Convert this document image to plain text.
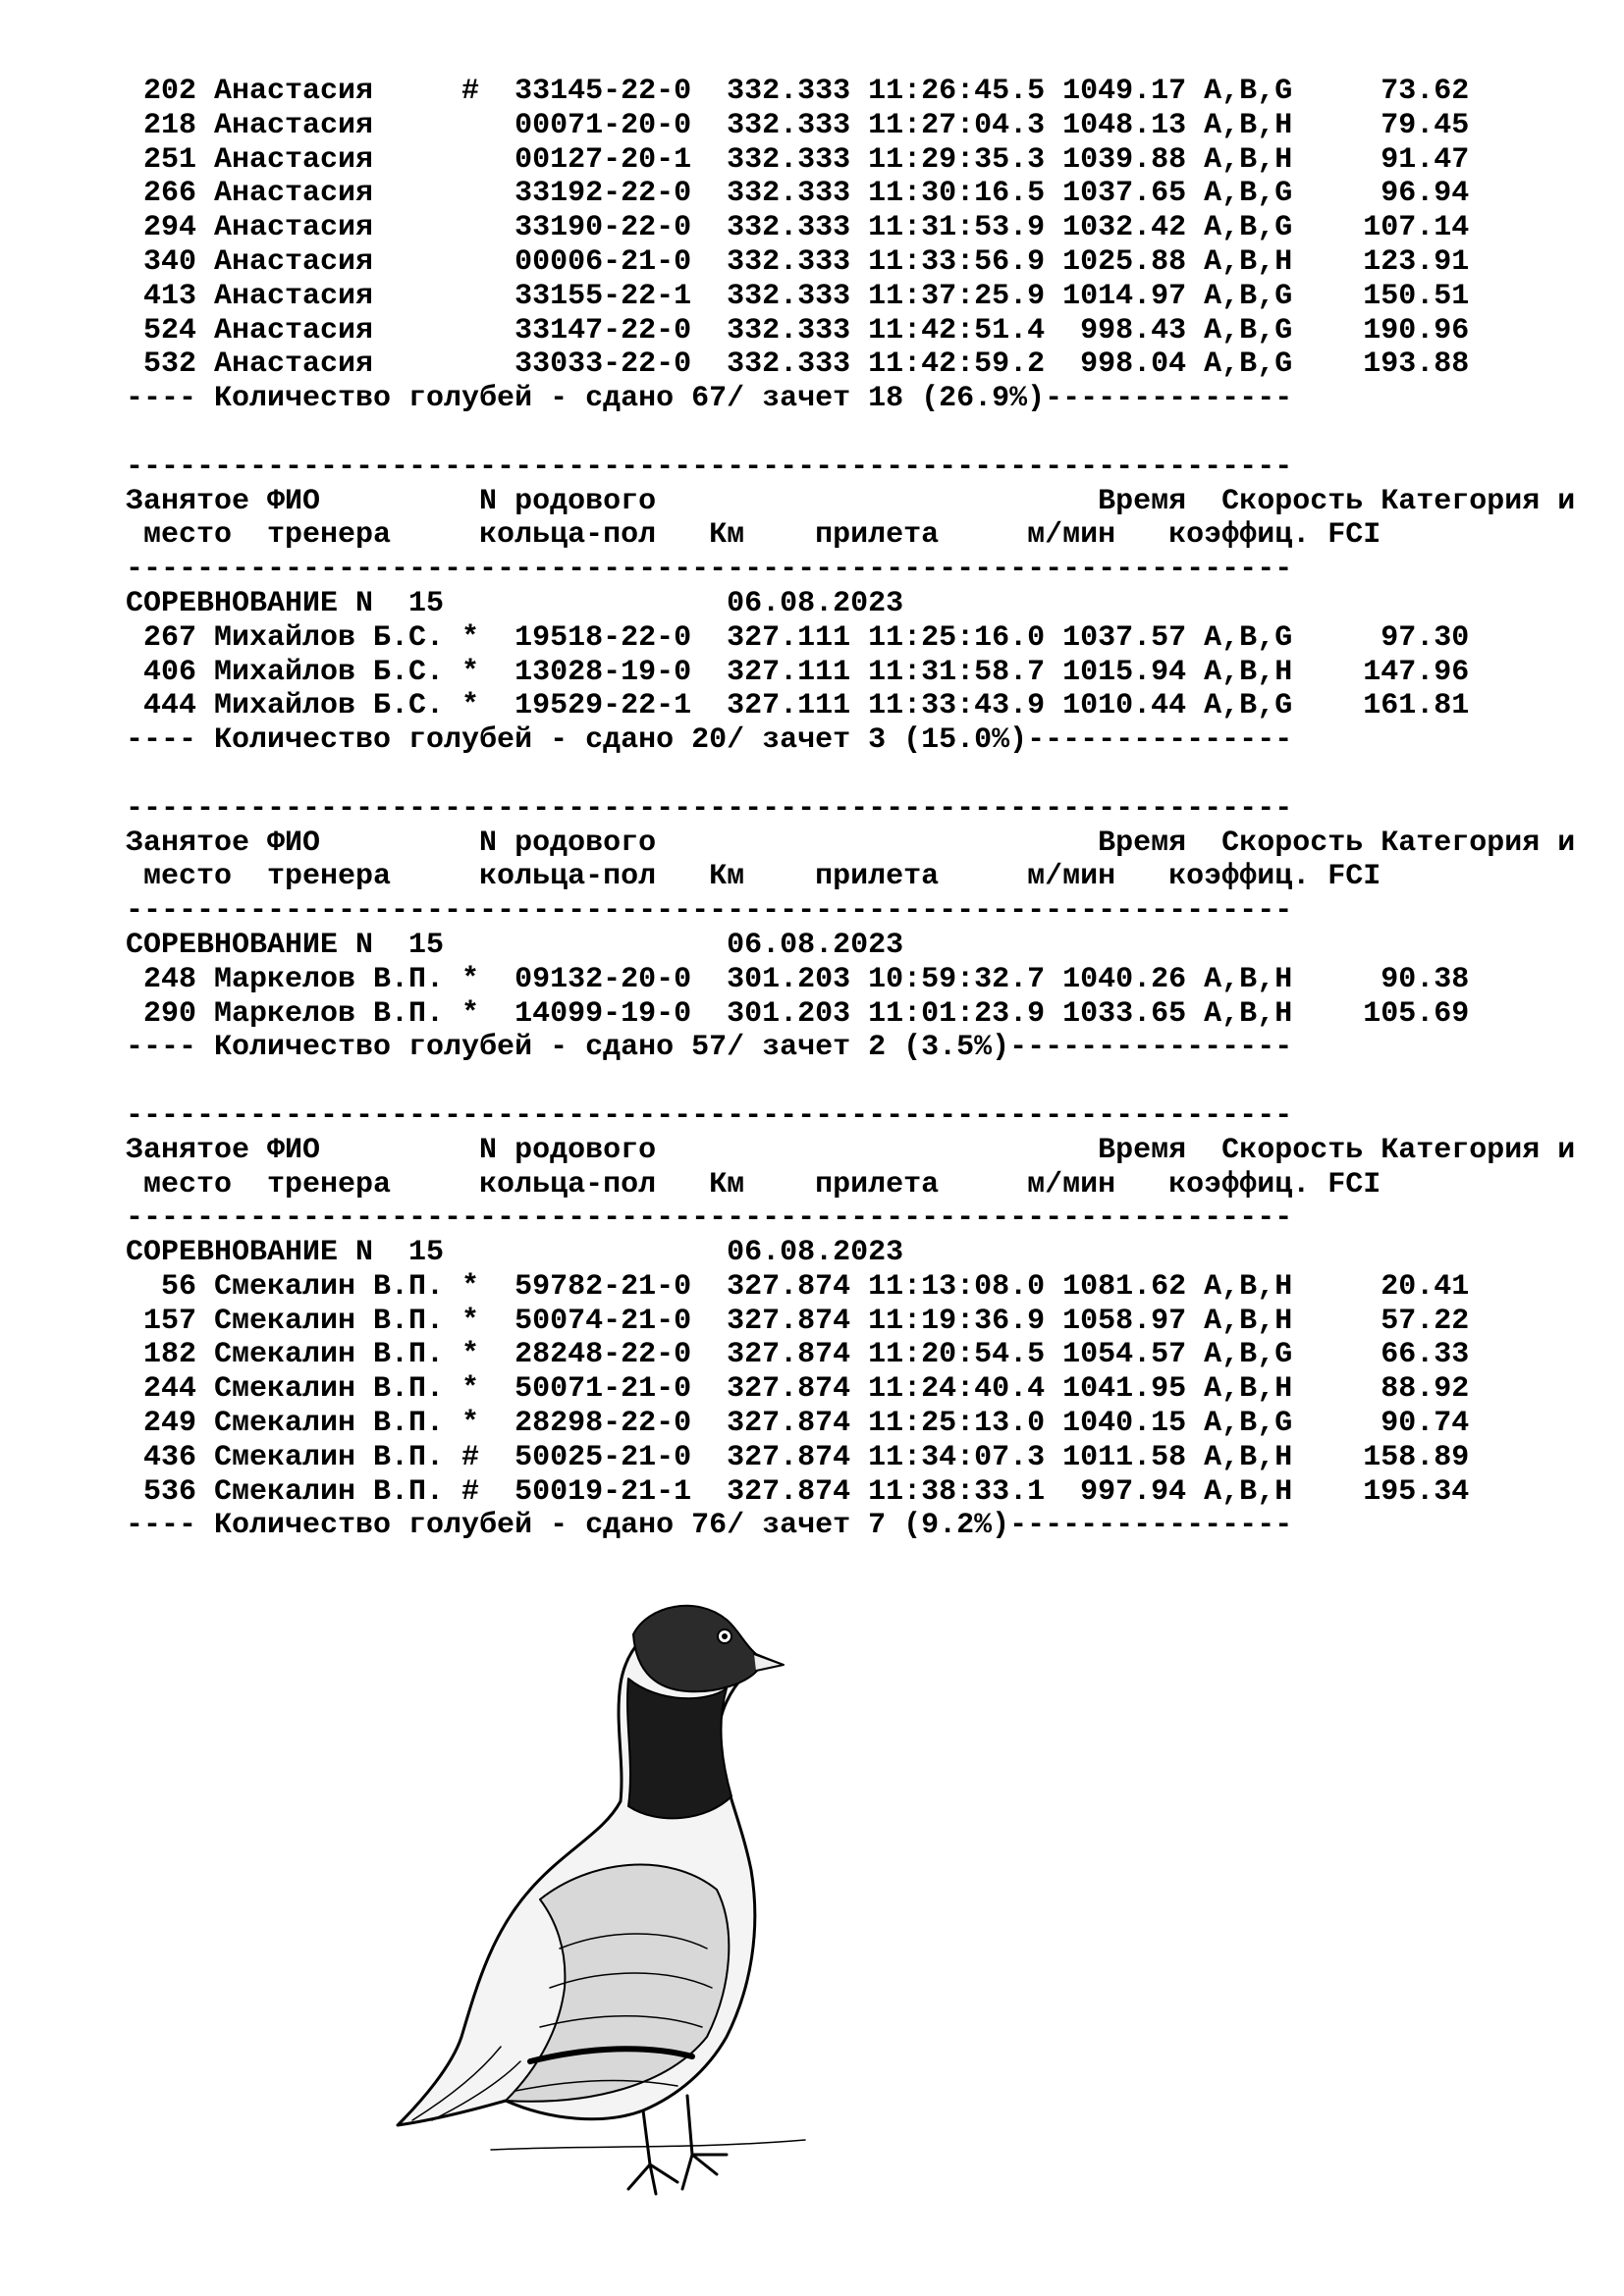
202 Анастасия     #  33145-22-0  332.333 11:26:45.5 1049.17 A,B,G     73.62
218 Анастасия        00071-20-0  332.333 11:27:04.3 1048.13 A,B,H     79.45
251 Анастасия        00127-20-1  332.333 11:29:35.3 1039.88 A,B,H     91.47
266 Анастасия        33192-22-0  332.333 11:30:16.5 1037.65 A,B,G     96.94
294 Анастасия        33190-22-0  332.333 11:31:53.9 1032.42 A,B,G    107.14
340 Анастасия        00006-21-0  332.333 11:33:56.9 1025.88 A,B,H    123.91
413 Анастасия        33155-22-1  332.333 11:37:25.9 1014.97 A,B,G    150.51
524 Анастасия        33147-22-0  332.333 11:42:51.4  998.43 A,B,G    190.96
532 Анастасия        33033-22-0  332.333 11:42:59.2  998.04 A,B,G    193.88
---- Количество голубей - сдано 67/ зачет 18 (26.9%)--------------
------------------------------------------------------------------
Занятое ФИО         N родового                         Время  Скорость Категория и
место  тренера     кольца-пол   Км    прилета     м/мин   коэффиц. FCI
------------------------------------------------------------------
СОРЕВНОВАНИЕ N  15                06.08.2023
267 Михайлов Б.С. *  19518-22-0  327.111 11:25:16.0 1037.57 A,B,G     97.30
406 Михайлов Б.С. *  13028-19-0  327.111 11:31:58.7 1015.94 A,B,H    147.96
444 Михайлов Б.С. *  19529-22-1  327.111 11:33:43.9 1010.44 A,B,G    161.81
---- Количество голубей - сдано 20/ зачет 3 (15.0%)---------------
------------------------------------------------------------------
Занятое ФИО         N родового                         Время  Скорость Категория и
место  тренера     кольца-пол   Км    прилета     м/мин   коэффиц. FCI
------------------------------------------------------------------
СОРЕВНОВАНИЕ N  15                06.08.2023
248 Маркелов В.П. *  09132-20-0  301.203 10:59:32.7 1040.26 A,B,H     90.38
290 Маркелов В.П. *  14099-19-0  301.203 11:01:23.9 1033.65 A,B,H    105.69
---- Количество голубей - сдано 57/ зачет 2 (3.5%)----------------
------------------------------------------------------------------
Занятое ФИО         N родового                         Время  Скорость Категория и
место  тренера     кольца-пол   Км    прилета     м/мин   коэффиц. FCI
------------------------------------------------------------------
СОРЕВНОВАНИЕ N  15                06.08.2023
56 Смекалин В.П. *  59782-21-0  327.874 11:13:08.0 1081.62 A,B,H     20.41
157 Смекалин В.П. *  50074-21-0  327.874 11:19:36.9 1058.97 A,B,H     57.22
182 Смекалин В.П. *  28248-22-0  327.874 11:20:54.5 1054.57 A,B,G     66.33
244 Смекалин В.П. *  50071-21-0  327.874 11:24:40.4 1041.95 A,B,H     88.92
249 Смекалин В.П. *  28298-22-0  327.874 11:25:13.0 1040.15 A,B,G     90.74
436 Смекалин В.П. #  50025-21-0  327.874 11:34:07.3 1011.58 A,B,H    158.89
536 Смекалин В.П. #  50019-21-1  327.874 11:38:33.1  997.94 A,B,H    195.34
---- Количество голубей - сдано 76/ зачет 7 (9.2%)----------------
